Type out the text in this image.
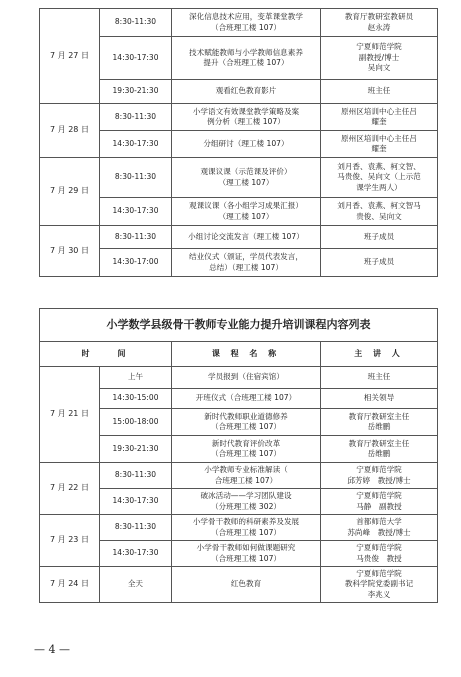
7 月 27 日	8:30-11:30	深化信息技术应用，变革课堂教学
（合班理工楼 107）	教育厅教研室教研员
赵永涛
	14:30-17:30	技术赋能教师与小学教师信息素养
提升（合班理工楼 107）	宁夏师范学院
副教授/博士
吴向文
	19:30-21:30	观看红色教育影片	班主任
7 月 28 日	8:30-11:30	小学语文有效课堂教学策略及案
例分析（理工楼 107）	原州区培训中心主任吕
耀奎
	14:30-17:30	分组研讨（理工楼 107）	原州区培训中心主任吕
耀奎
7 月 29 日	8:30-11:30	观课议课（示范课及评价）
（理工楼 107）	刘月香、袁燕、柯文智、
马贵俊、吴向文（上示范
课学生两人）
	14:30-17:30	观课议课（各小组学习成果汇报）
（理工楼 107）	刘月香、袁燕、柯文智马
贵俊、吴向文
7 月 30 日	8:30-11:30	小组讨论交流发言（理工楼 107）	班子成员
	14:30-17:00	结业仪式（颁证，学员代表发言，
总结）（理工楼 107）	班子成员
小学数学县级骨干教师专业能力提升培训课程内容列表			
时　　间		课 程 名 称	主 讲 人
7 月 21 日	上午	学员报到（住宿宾馆）	班主任
	14:30-15:00	开班仪式（合班理工楼 107）	相关领导
	15:00-18:00	新时代教师职业道德修养
（合班理工楼 107）	教育厅教研室主任
岳维鹏
	19:30-21:30	新时代教育评价改革
（合班理工楼 107）	教育厅教研室主任
岳维鹏
7 月 22 日	8:30-11:30	小学教师专业标准解读（
合班理工楼 107）	宁夏师范学院
邱芳婷　教授/博士
	14:30-17:30	破冰活动——学习团队建设
（分班理工楼 302）	宁夏师范学院
马静　副教授
7 月 23 日	8:30-11:30	小学骨干教师的科研素养及发展
（合班理工楼 107）	首都师范大学
苏尚峰　教授/博士
	14:30-17:30	小学骨干教师如何做课题研究
（合班理工楼 107）	宁夏师范学院
马贵俊　教授
7 月 24 日	全天	红色教育	宁夏师范学院
教科学院党委副书记
李兆义
— 4 —
